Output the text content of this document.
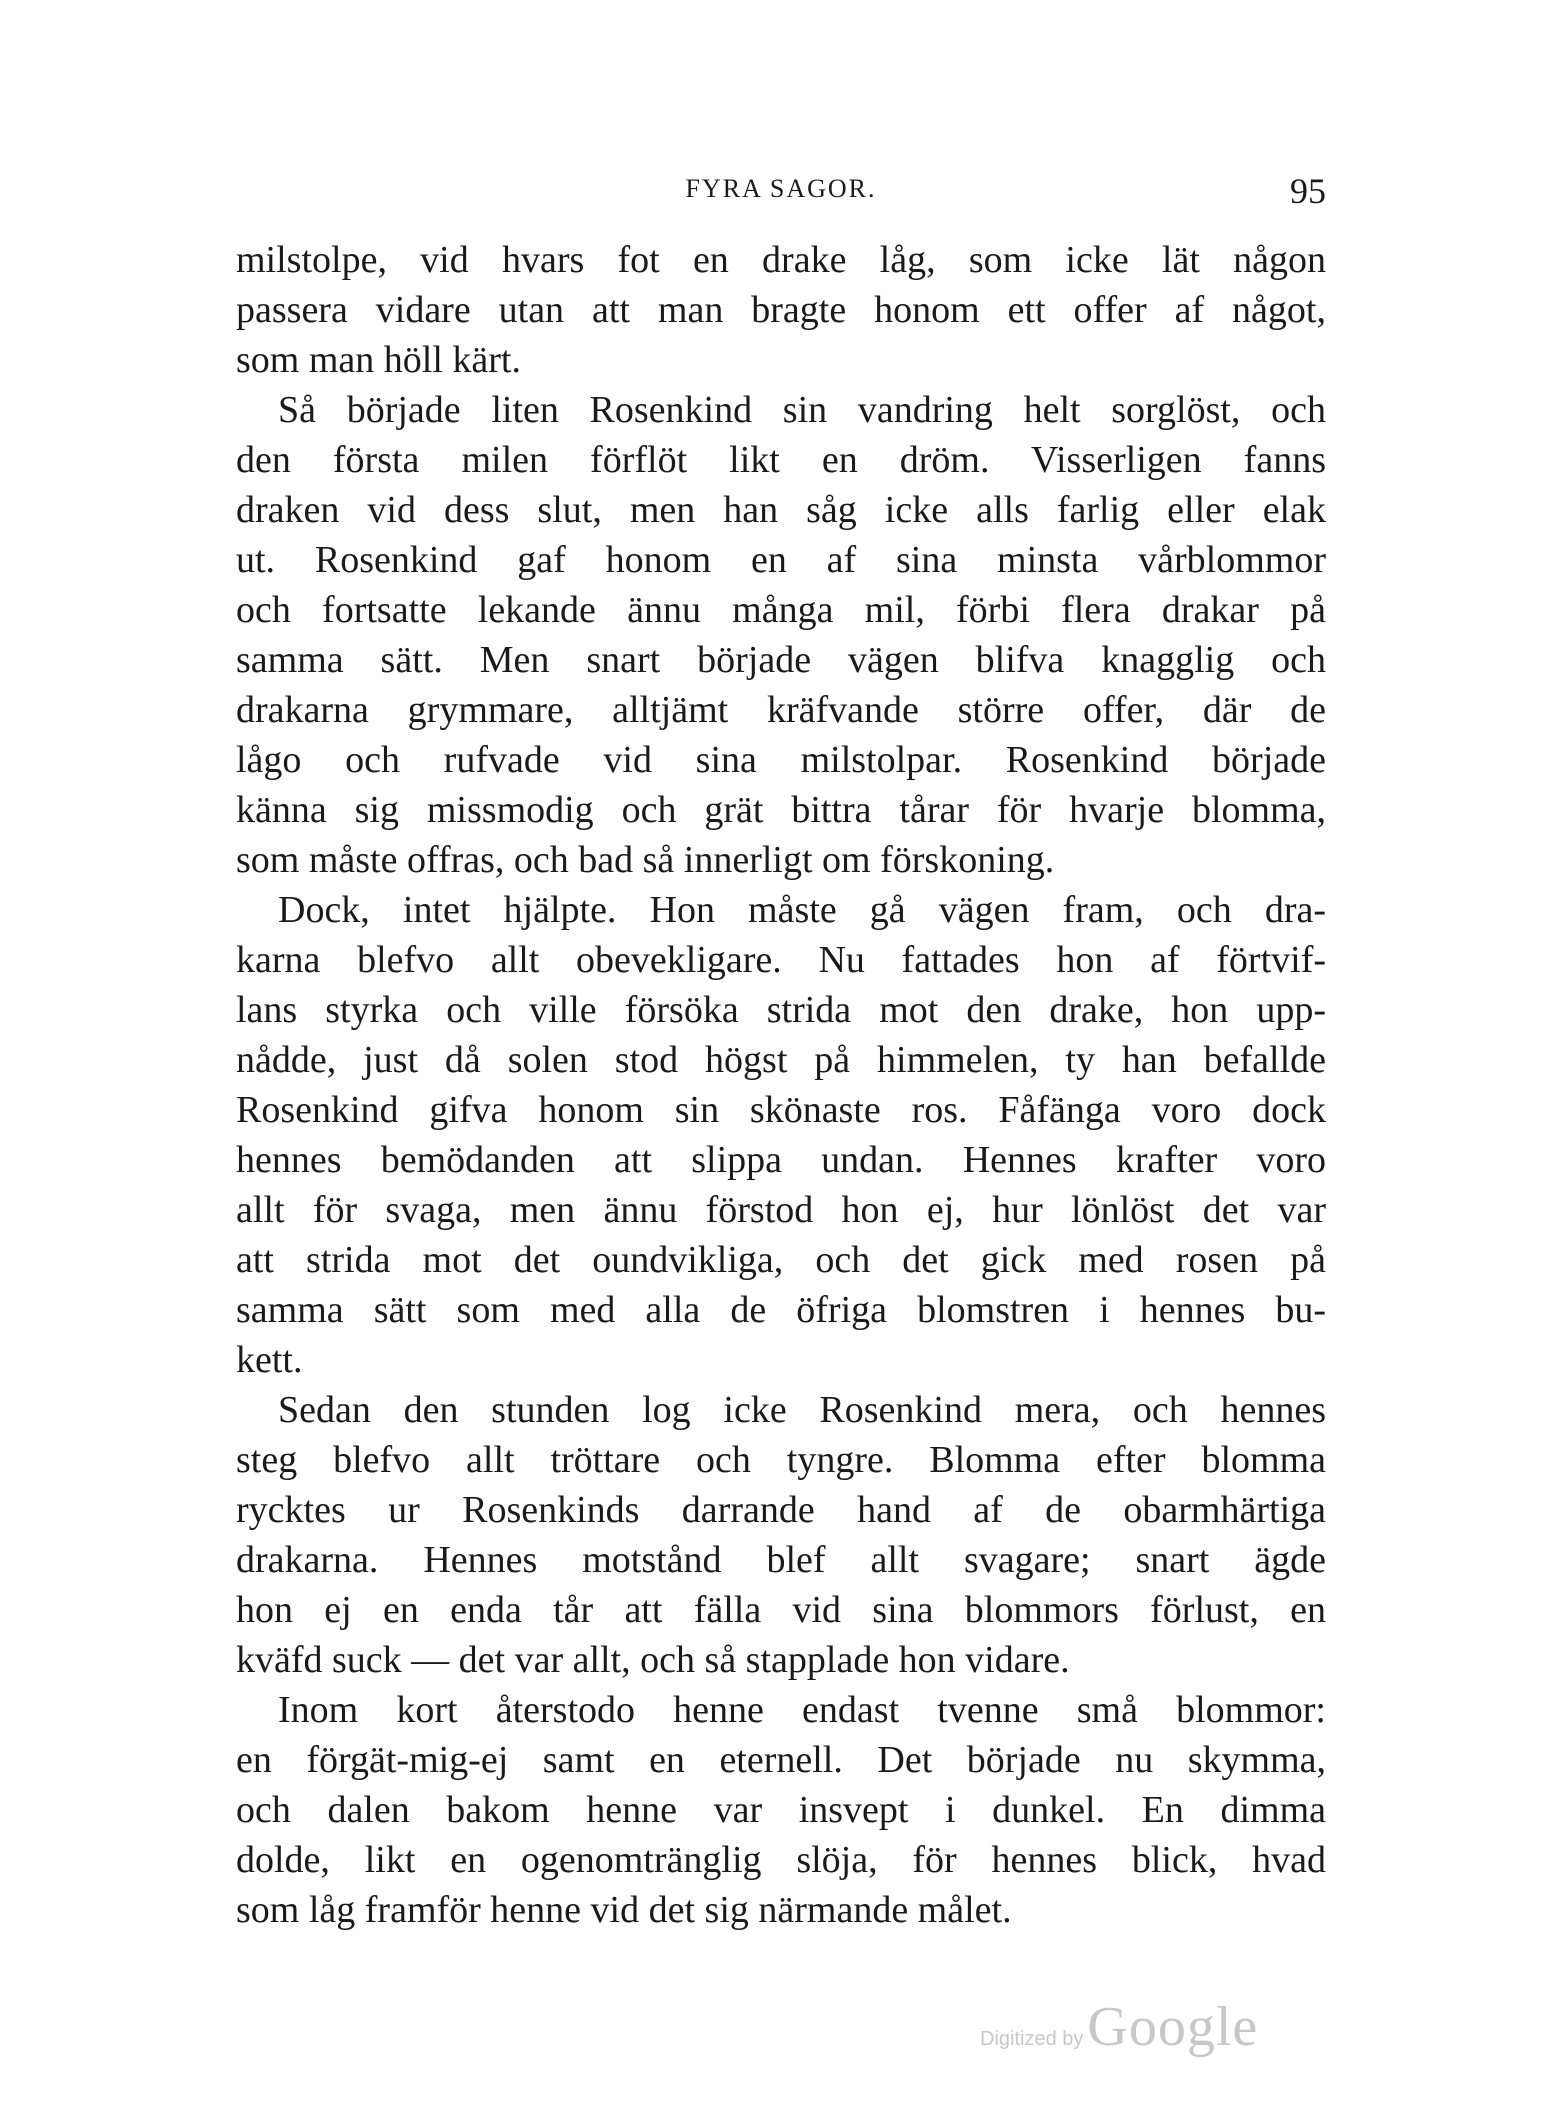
FYRA SAGOR.	95
milstolpe, vid hvars fot en drake låg, som icke lät någon
passera vidare utan att man bragte honom ett offer af något,
som man höll kärt.
Så började liten Rosenkind sin vandring helt sorglöst, och
den första milen förflöt likt en dröm. Visserligen fanns
draken vid dess slut, men han såg icke alls farlig eller elak
ut. Rosenkind gaf honom en af sina minsta vårblommor
och fortsatte lekande ännu många mil, förbi flera drakar på
samma sätt. Men snart började vägen blifva knagglig och
drakarna grymmare, alltjämt kräfvande större offer, där de
lågo och rufvade vid sina milstolpar. Rosenkind började
känna sig missmodig och grät bittra tårar för hvarje blomma,
som måste offras, och bad så innerligt om förskoning.
Dock, intet hjälpte. Hon måste gå vägen fram, och dra-
karna blefvo allt obevekligare. Nu fattades hon af förtvif-
lans styrka och ville försöka strida mot den drake, hon upp-
nådde, just då solen stod högst på himmelen, ty han befallde
Rosenkind gifva honom sin skönaste ros. Fåfänga voro dock
hennes bemödanden att slippa undan. Hennes krafter voro
allt för svaga, men ännu förstod hon ej, hur lönlöst det var
att strida mot det oundvikliga, och det gick med rosen på
samma sätt som med alla de öfriga blomstren i hennes bu-
kett.
Sedan den stunden log icke Rosenkind mera, och hennes
steg blefvo allt tröttare och tyngre. Blomma efter blomma
rycktes ur Rosenkinds darrande hand af de obarmhärtiga
drakarna. Hennes motstånd blef allt svagare; snart ägde
hon ej en enda tår att fälla vid sina blommors förlust, en
kväfd suck — det var allt, och så stapplade hon vidare.
Inom kort återstodo henne endast tvenne små blommor:
en förgät-mig-ej samt en eternell. Det började nu skymma,
och dalen bakom henne var insvept i dunkel. En dimma
dolde, likt en ogenomtränglig slöja, för hennes blick, hvad
som låg framför henne vid det sig närmande målet.
Digitized by Google
